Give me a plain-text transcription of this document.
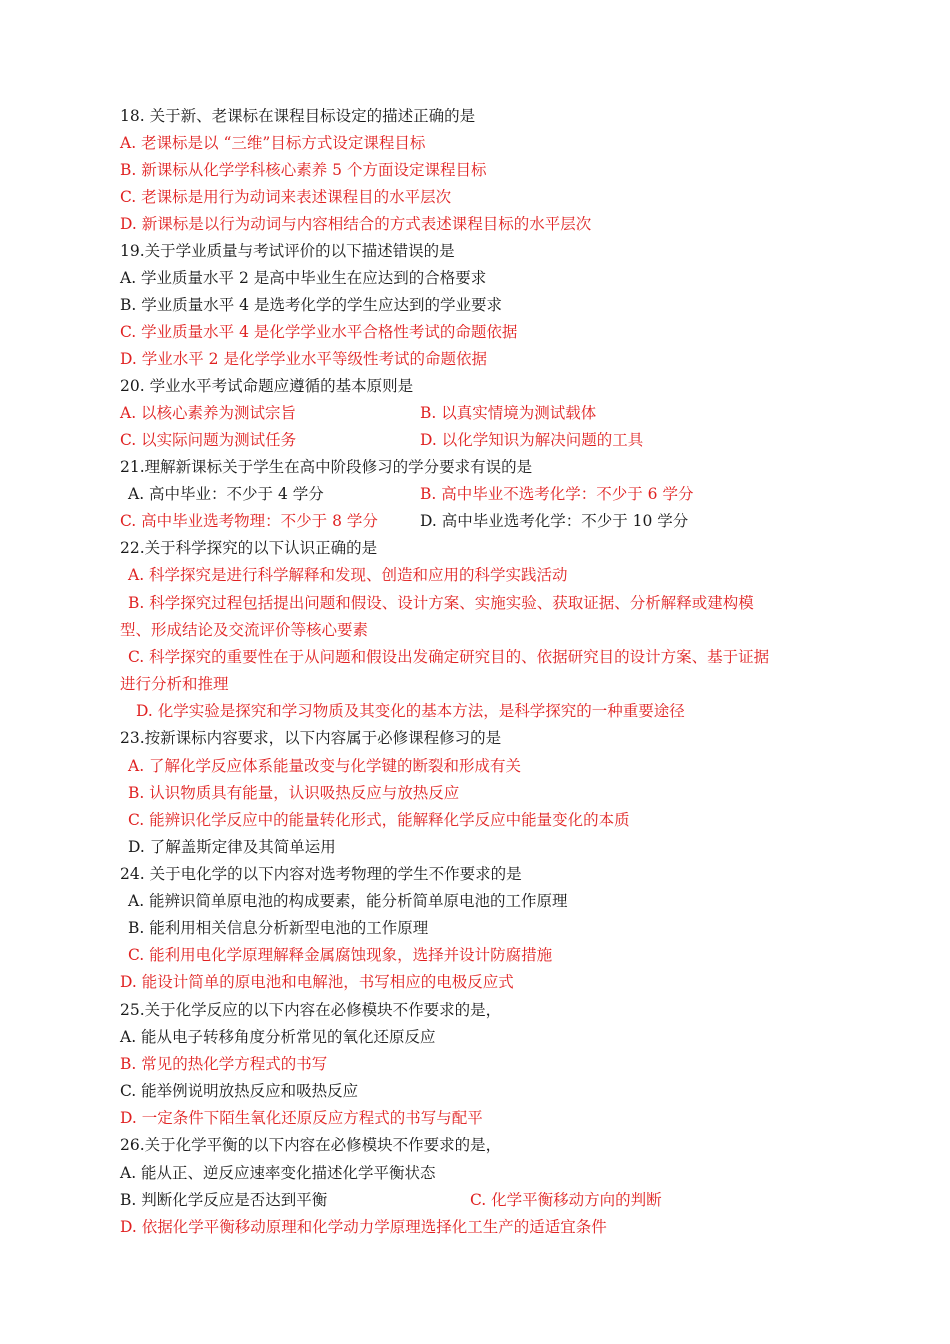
18. 关于新、老课标在课程目标设定的描述正确的是
A. 老课标是以 “三维”目标方式设定课程目标
B. 新课标从化学学科核心素养 5 个方面设定课程目标
C. 老课标是用行为动词来表述课程目的水平层次
D. 新课标是以行为动词与内容相结合的方式表述课程目标的水平层次
19.关于学业质量与考试评价的以下描述错误的是
A. 学业质量水平 2 是高中毕业生在应达到的合格要求
B. 学业质量水平 4 是选考化学的学生应达到的学业要求
C. 学业质量水平 4 是化学学业水平合格性考试的命题依据
D. 学业水平 2 是化学学业水平等级性考试的命题依据
20. 学业水平考试命题应遵循的基本原则是
A. 以核心素养为测试宗旨	B. 以真实情境为测试载体
C. 以实际问题为测试任务	D. 以化学知识为解决问题的工具
21.理解新课标关于学生在高中阶段修习的学分要求有误的是
A. 高中毕业：不少于 4 学分	B. 高中毕业不选考化学：不少于 6 学分
C. 高中毕业选考物理：不少于 8 学分	D. 高中毕业选考化学：不少于 10 学分
22.关于科学探究的以下认识正确的是
A. 科学探究是进行科学解释和发现、创造和应用的科学实践活动
B. 科学探究过程包括提出问题和假设、设计方案、实施实验、获取证据、分析解释或建构模
型、形成结论及交流评价等核心要素
C. 科学探究的重要性在于从问题和假设出发确定研究目的、依据研究目的设计方案、基于证据
进行分析和推理
D. 化学实验是探究和学习物质及其变化的基本方法，是科学探究的一种重要途径
23.按新课标内容要求，以下内容属于必修课程修习的是
A. 了解化学反应体系能量改变与化学键的断裂和形成有关
B. 认识物质具有能量，认识吸热反应与放热反应
C. 能辨识化学反应中的能量转化形式，能解释化学反应中能量变化的本质
D. 了解盖斯定律及其简单运用
24. 关于电化学的以下内容对选考物理的学生不作要求的是
A. 能辨识简单原电池的构成要素，能分析简单原电池的工作原理
B. 能利用相关信息分析新型电池的工作原理
C. 能利用电化学原理解释金属腐蚀现象，选择并设计防腐措施
D. 能设计简单的原电池和电解池，书写相应的电极反应式
25.关于化学反应的以下内容在必修模块不作要求的是，
A. 能从电子转移角度分析常见的氧化还原反应
B. 常见的热化学方程式的书写
C. 能举例说明放热反应和吸热反应
D. 一定条件下陌生氧化还原反应方程式的书写与配平
26.关于化学平衡的以下内容在必修模块不作要求的是，
A. 能从正、逆反应速率变化描述化学平衡状态
B. 判断化学反应是否达到平衡	C. 化学平衡移动方向的判断
D. 依据化学平衡移动原理和化学动力学原理选择化工生产的适适宜条件
